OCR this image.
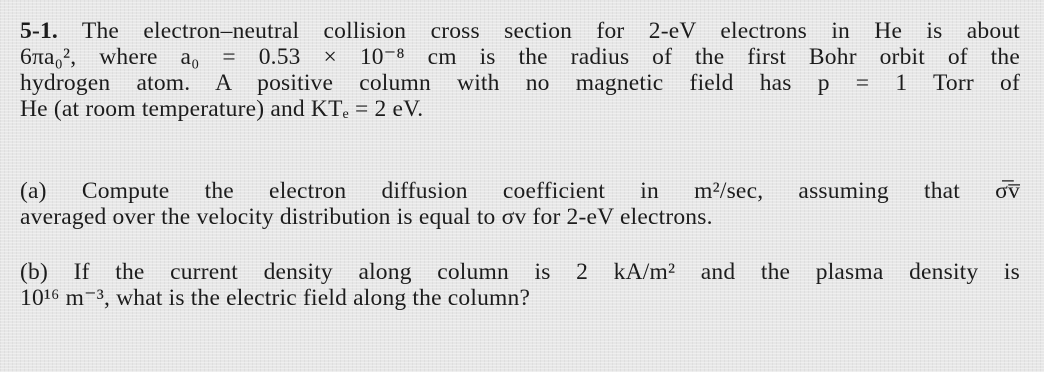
5-1. The electron–neutral collision cross section for 2-eV electrons in He is about
6πa₀², where a₀ = 0.53 × 10⁻⁸ cm is the radius of the first Bohr orbit of the
hydrogen atom. A positive column with no magnetic field has p = 1 Torr of
He (at room temperature) and KTₑ = 2 eV.
(a) Compute the electron diffusion coefficient in m²/sec, assuming that σ̅v̅
averaged over the velocity distribution is equal to σv for 2-eV electrons.
(b) If the current density along column is 2 kA/m² and the plasma density is
10¹⁶ m⁻³, what is the electric field along the column?
